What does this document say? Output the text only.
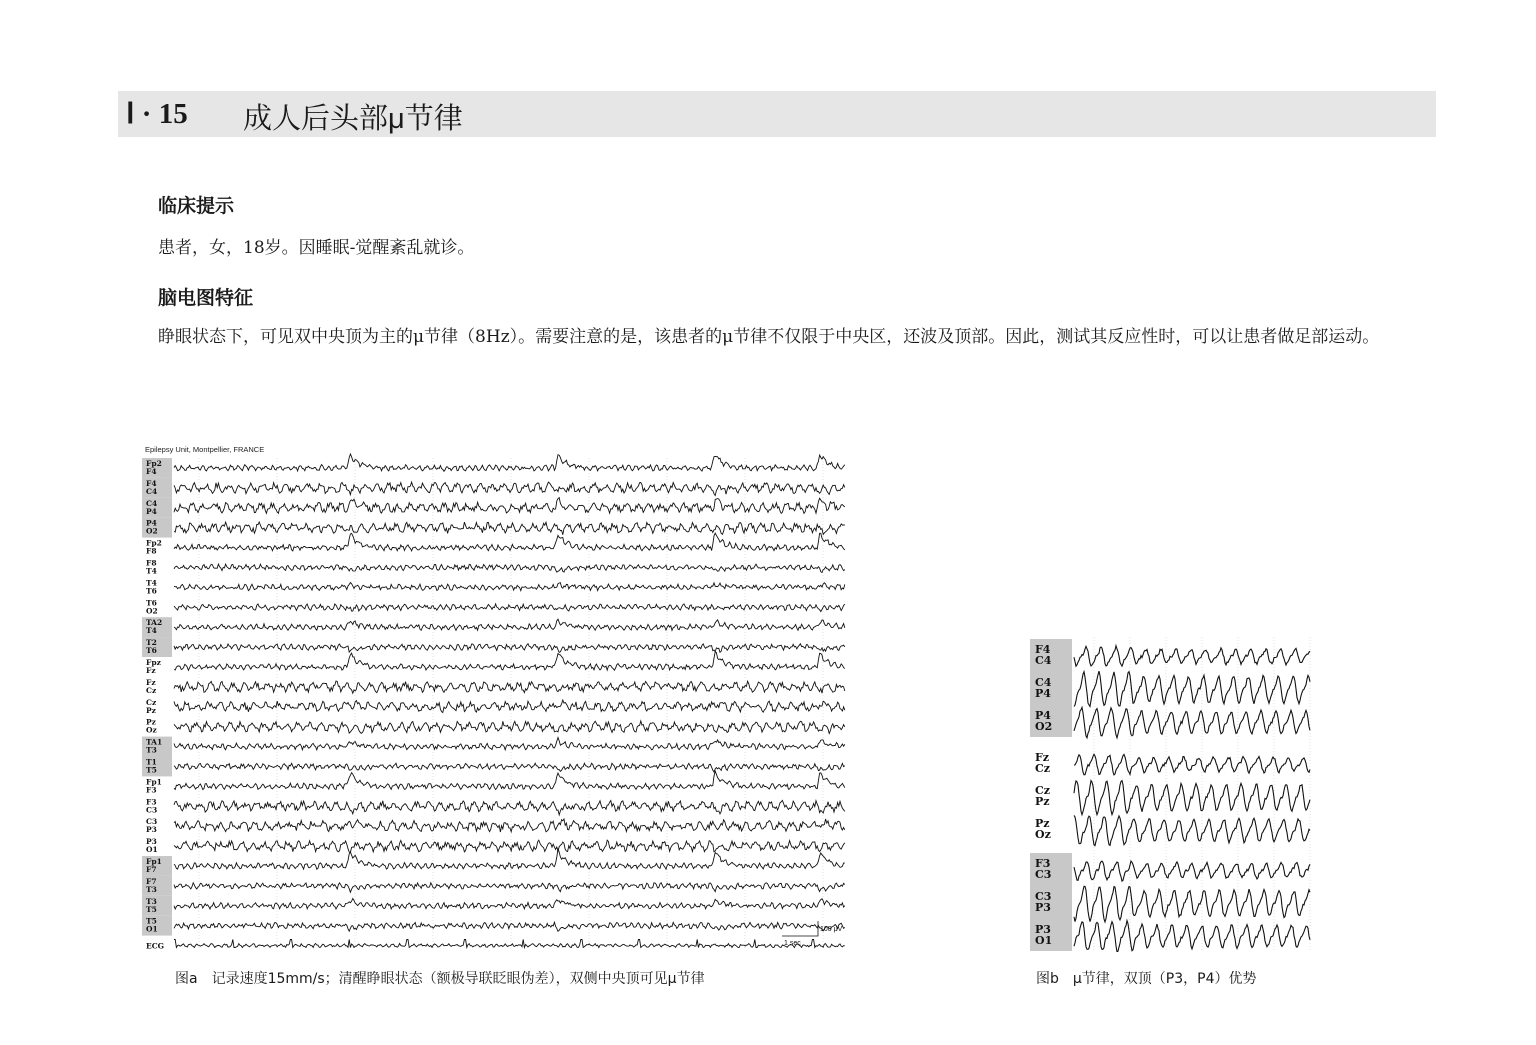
Ⅰ · 15 成人后头部μ节律
临床提示
患者，女，18岁。因睡眠-觉醒紊乱就诊。
脑电图特征
睁眼状态下，可见双中央顶为主的μ节律（8Hz）。需要注意的是，该患者的μ节律不仅限于中央区，还波及顶部。因此，测试其反应性时，可以让患者做足部运动。
Epilepsy Unit, Montpellier, FRANCE
Fp2
F4
F4
C4
C4
P4
P4
O2
Fp2
F8
F8
T4
T4
T6
T6
O2
TA2
T4
T2
T6
Fpz
Fz
Fz
Cz
Cz
Pz
Pz
Oz
TA1
T3
T1
T5
Fp1
F3
F3
C3
C3
P3
P3
O1
Fp1
F7
F7
T3
T3
T5
T5
O1
ECG
100 μV
1 sec
图a　记录速度15mm/s；清醒睁眼状态（额极导联眨眼伪差），双侧中央顶可见μ节律
F4
C4
C4
P4
P4
O2
Fz
Cz
Cz
Pz
Pz
Oz
F3
C3
C3
P3
P3
O1
图b　μ节律，双顶（P3，P4）优势
